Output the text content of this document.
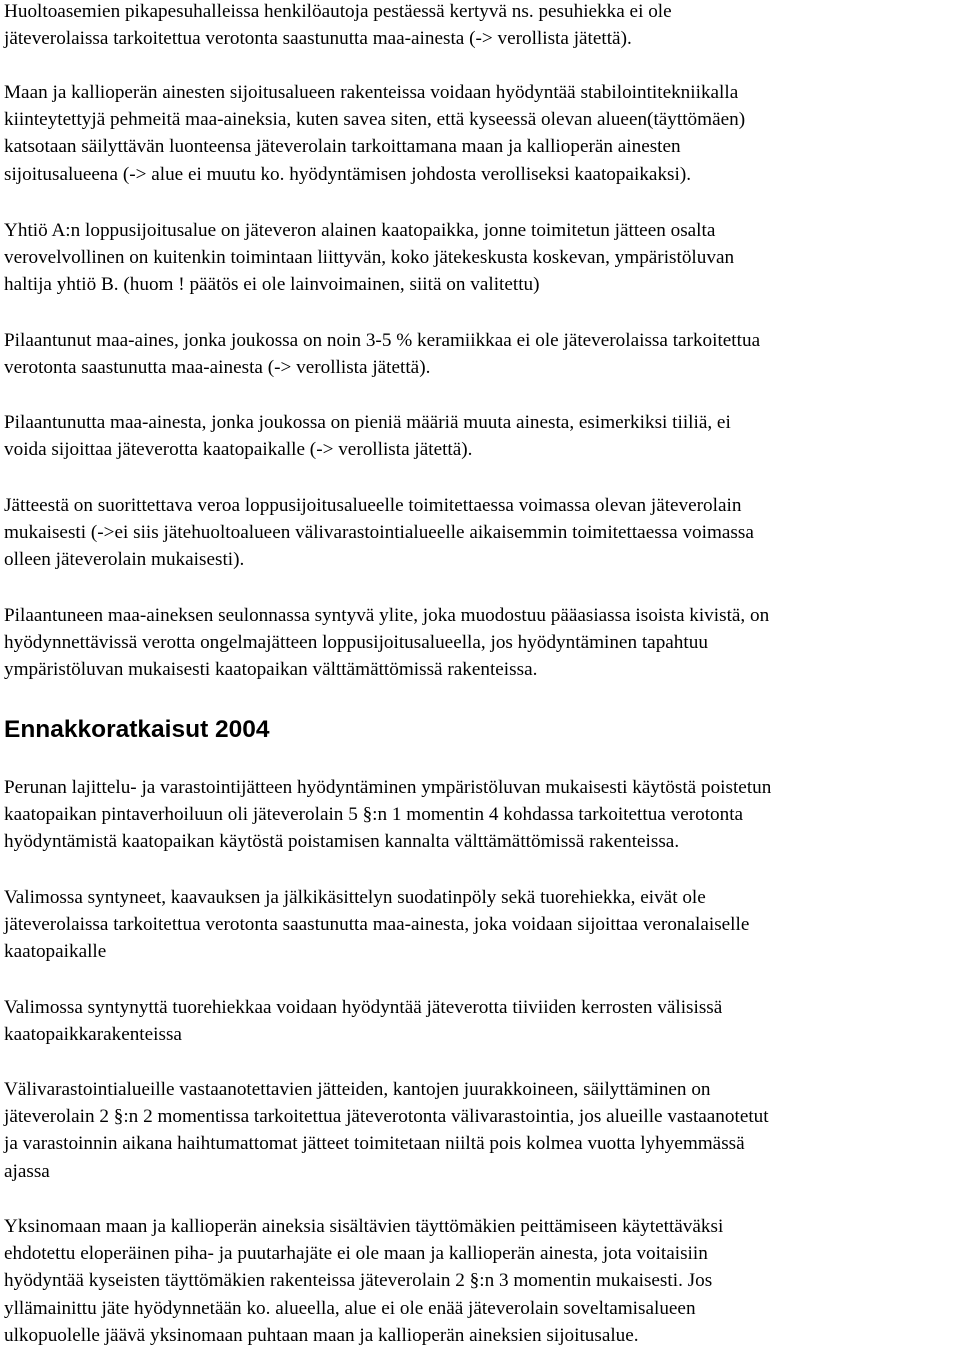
Huoltoasemien pikapesuhalleissa henkilöautoja pestäessä kertyvä ns. pesuhiekka ei ole
jäteverolaissa tarkoitettua verotonta saastunutta maa-ainesta (-> verollista jätettä).

Maan ja kallioperän ainesten sijoitusalueen rakenteissa voidaan hyödyntää stabilointitekniikalla
kiinteytettyjä pehmeitä maa-aineksia, kuten savea siten, että kyseessä olevan alueen(täyttömäen)
katsotaan säilyttävän luonteensa jäteverolain tarkoittamana maan ja kallioperän ainesten
sijoitusalueena (-> alue ei muutu ko. hyödyntämisen johdosta verolliseksi kaatopaikaksi).

Yhtiö A:n loppusijoitusalue on jäteveron alainen kaatopaikka, jonne toimitetun jätteen osalta
verovelvollinen on kuitenkin toimintaan liittyvän, koko jätekeskusta koskevan, ympäristöluvan
haltija yhtiö B. (huom ! päätös ei ole lainvoimainen, siitä on valitettu)

Pilaantunut maa-aines, jonka joukossa on noin 3-5 % keramiikkaa ei ole jäteverolaissa tarkoitettua
verotonta saastunutta maa-ainesta (-> verollista jätettä).

Pilaantunutta maa-ainesta, jonka joukossa on pieniä määriä muuta ainesta, esimerkiksi tiiliä, ei
voida sijoittaa jäteverotta kaatopaikalle (-> verollista jätettä).

Jätteestä on suorittettava veroa loppusijoitusalueelle toimitettaessa voimassa olevan jäteverolain
mukaisesti (->ei siis jätehuoltoalueen välivarastointialueelle aikaisemmin toimitettaessa voimassa
olleen jäteverolain mukaisesti).

Pilaantuneen maa-aineksen seulonnassa syntyvä ylite, joka muodostuu pääasiassa isoista kivistä, on
hyödynnettävissä verotta ongelmajätteen loppusijoitusalueella, jos hyödyntäminen tapahtuu
ympäristöluvan mukaisesti kaatopaikan välttämättömissä rakenteissa.

Ennakkoratkaisut 2004

Perunan lajittelu- ja varastointijätteen hyödyntäminen ympäristöluvan mukaisesti käytöstä poistetun
kaatopaikan pintaverhoiluun oli jäteverolain 5 §:n 1 momentin 4 kohdassa tarkoitettua verotonta
hyödyntämistä kaatopaikan käytöstä poistamisen kannalta välttämättömissä rakenteissa.

Valimossa syntyneet, kaavauksen ja jälkikäsittelyn suodatinpöly sekä tuorehiekka, eivät ole
jäteverolaissa tarkoitettua verotonta saastunutta maa-ainesta, joka voidaan sijoittaa veronalaiselle
kaatopaikalle

Valimossa syntynyttä tuorehiekkaa voidaan hyödyntää jäteverotta tiiviiden kerrosten välisissä
kaatopaikkarakenteissa

Välivarastointialueille vastaanotettavien jätteiden, kantojen juurakkoineen, säilyttäminen on
jäteverolain 2 §:n 2 momentissa tarkoitettua jäteverotonta välivarastointia, jos alueille vastaanotetut
ja varastoinnin aikana haihtumattomat jätteet toimitetaan niiltä pois kolmea vuotta lyhyemmässä
ajassa

Yksinomaan maan ja kallioperän aineksia sisältävien täyttömäkien peittämiseen käytettäväksi
ehdotettu eloperäinen piha- ja puutarhajäte ei ole maan ja kallioperän ainesta, jota voitaisiin
hyödyntää kyseisten täyttömäkien rakenteissa jäteverolain 2 §:n 3 momentin mukaisesti. Jos
yllämainittu jäte hyödynnetään ko. alueella, alue ei ole enää jäteverolain soveltamisalueen
ulkopuolelle jäävä yksinomaan puhtaan maan ja kallioperän aineksien sijoitusalue.
